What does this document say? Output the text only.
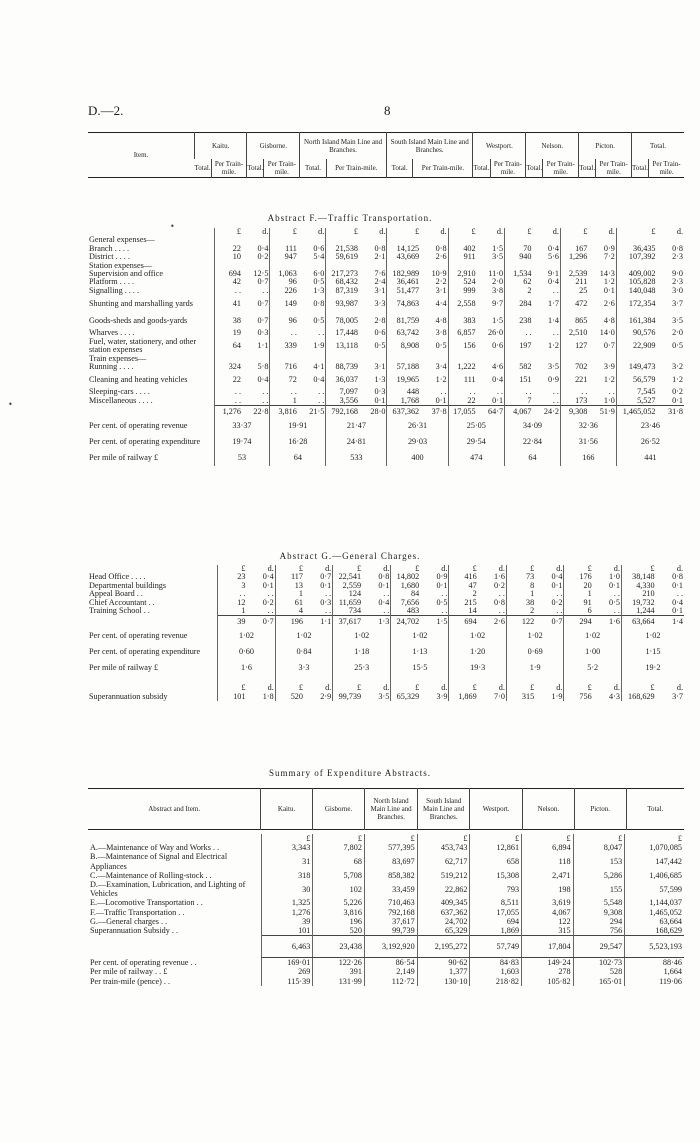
D.—2.	8
Item.	Kaitu.		Gisborne.		North Island Main Line and Branches.		South Island Main Line and Branches.		Westport.		Nelson.		Picton.		Total.	
	Total.	Per Train-mile.	Total.	Per Train-mile.	Total.	Per Train-mile.	Total.	Per Train-mile.	Total.	Per Train-mile.	Total.	Per Train-mile.	Total.	Per Train-mile.	Total.	Per Train-mile.
•
•
Abstract F.—Traffic Transportation.
	£	d.	£	d.	£	d.	£	d.	£	d.	£	d.	£	d.	£	d.
General expenses—																
Branch . . . .	22	0·4	111	0·6	21,538	0·8	14,125	0·8	402	1·5	70	0·4	167	0·9	36,435	0·8
District . . . .	10	0·2	947	5·4	59,619	2·1	43,669	2·6	911	3·5	940	5·6	1,296	7·2	107,392	2·3
Station expenses—																
Supervision and office	694	12·5	1,063	6·0	217,273	7·6	182,989	10·9	2,910	11·0	1,534	9·1	2,539	14·3	409,002	9·0
Platform . . . .	42	0·7	96	0·5	68,432	2·4	36,461	2·2	524	2·0	62	0·4	211	1·2	105,828	2·3
Signalling . . . .	. .	. .	226	1·3	87,319	3·1	51,477	3·1	999	3·8	2	. .	25	0·1	140,048	3·0
Shunting and marshalling yards	41	0·7	149	0·8	93,987	3·3	74,863	4·4	2,558	9·7	284	1·7	472	2·6	172,354	3·7
Goods-sheds and goods-yards	38	0·7	96	0·5	78,005	2·8	81,759	4·8	383	1·5	238	1·4	865	4·8	161,384	3·5
Wharves . . . .	19	0·3	. .	. .	17,448	0·6	63,742	3·8	6,857	26·0	. .	. .	2,510	14·0	90,576	2·0
Fuel, water, stationery, and other station expenses	64	1·1	339	1·9	13,118	0·5	8,908	0·5	156	0·6	197	1·2	127	0·7	22,909	0·5
Train expenses—																
Running . . . .	324	5·8	716	4·1	88,739	3·1	57,188	3·4	1,222	4·6	582	3·5	702	3·9	149,473	3·2
Cleaning and heating vehicles	22	0·4	72	0·4	36,037	1·3	19,965	1·2	111	0·4	151	0·9	221	1·2	56,579	1·2
Sleeping-cars . . . .	. .	. .	. .	. .	7,097	0·3	448	. .	. .	. .	. .	. .	. .	. .	7,545	0·2
Miscellaneous . . . .	. .	. .	1	. .	3,556	0·1	1,768	0·1	22	0·1	7	. .	173	1·0	5,527	0·1
	1,276	22·8	3,816	21·5	792,168	28·0	637,362	37·8	17,055	64·7	4,067	24·2	9,308	51·9	1,465,052	31·8
Per cent. of operating revenue	33·37		19·91		21·47		26·31		25·05		34·09		32·36		23·46	
Per cent. of operating expenditure	19·74		16·28		24·81		29·03		29·54		22·84		31·56		26·52	
Per mile of railway £	53		64		533		400		474		64		166		441	
Abstract G.—General Charges.
	£	d.	£	d.	£	d.	£	d.	£	d.	£	d.	£	d.	£	d.
Head Office . . . .	23	0·4	117	0·7	22,541	0·8	14,802	0·9	416	1·6	73	0·4	176	1·0	38,148	0·8
Departmental buildings	3	0·1	13	0·1	2,559	0·1	1,680	0·1	47	0·2	8	0·1	20	0·1	4,330	0·1
Appeal Board . .	. .	. .	1	. .	124	. .	84	. .	2	. .	1	. .	1	. .	210	. .
Chief Accountant . .	12	0·2	61	0·3	11,659	0·4	7,656	0·5	215	0·8	38	0·2	91	0·5	19,732	0·4
Training School . .	1	. .	4	. .	734	. .	483	. .	14	. .	2	. .	6	. .	1,244	0·1
	39	0·7	196	1·1	37,617	1·3	24,702	1·5	694	2·6	122	0·7	294	1·6	63,664	1·4
Per cent. of operating revenue	1·02		1·02		1·02		1·02		1·02		1·02		1·02		1·02	
Per cent. of operating expenditure	0·60		0·84		1·18		1·13		1·20		0·69		1·00		1·15	
Per mile of railway £	1·6		3·3		25·3		15·5		19·3		1·9		5·2		19·2	

	£	d.	£	d.	£	d.	£	d.	£	d.	£	d.	£	d.	£	d.
Superannuation subsidy	101	1·8	520	2·9	99,739	3·5	65,329	3·9	1,869	7·0	315	1·9	756	4·3	168,629	3·7
Summary of Expenditure Abstracts.
Abstract and Item.	Kaitu.	Gisborne.	North Island Main Line and Branches.	South Island Main Line and Branches.	Westport.	Nelson.	Picton.	Total.
	£	£	£	£	£	£	£	£
A.—Maintenance of Way and Works . .	3,343	7,802	577,395	453,743	12,861	6,894	8,047	1,070,085
B.—Maintenance of Signal and Electrical Appliances	31	68	83,697	62,717	658	118	153	147,442
C.—Maintenance of Rolling-stock . .	318	5,708	858,382	519,212	15,308	2,471	5,286	1,406,685
D.—Examination, Lubrication, and Lighting of Vehicles	30	102	33,459	22,862	793	198	155	57,599
E.—Locomotive Transportation . .	1,325	5,226	710,463	409,345	8,511	3,619	5,548	1,144,037
F.—Traffic Transportation . .	1,276	3,816	792,168	637,362	17,055	4,067	9,308	1,465,052
G.—General charges . .	39	196	37,617	24,702	694	122	294	63,664
Superannuation Subsidy . .	101	520	99,739	65,329	1,869	315	756	168,629
	6,463	23,438	3,192,920	2,195,272	57,749	17,804	29,547	5,523,193
Per cent. of operating revenue . .	169·01	122·26	86·54	90·62	84·83	149·24	102·73	88·46
Per mile of railway . . £	269	391	2,149	1,377	1,603	278	528	1,664
Per train-mile (pence) . .	115·39	131·99	112·72	130·10	218·82	105·82	165·01	119·06
